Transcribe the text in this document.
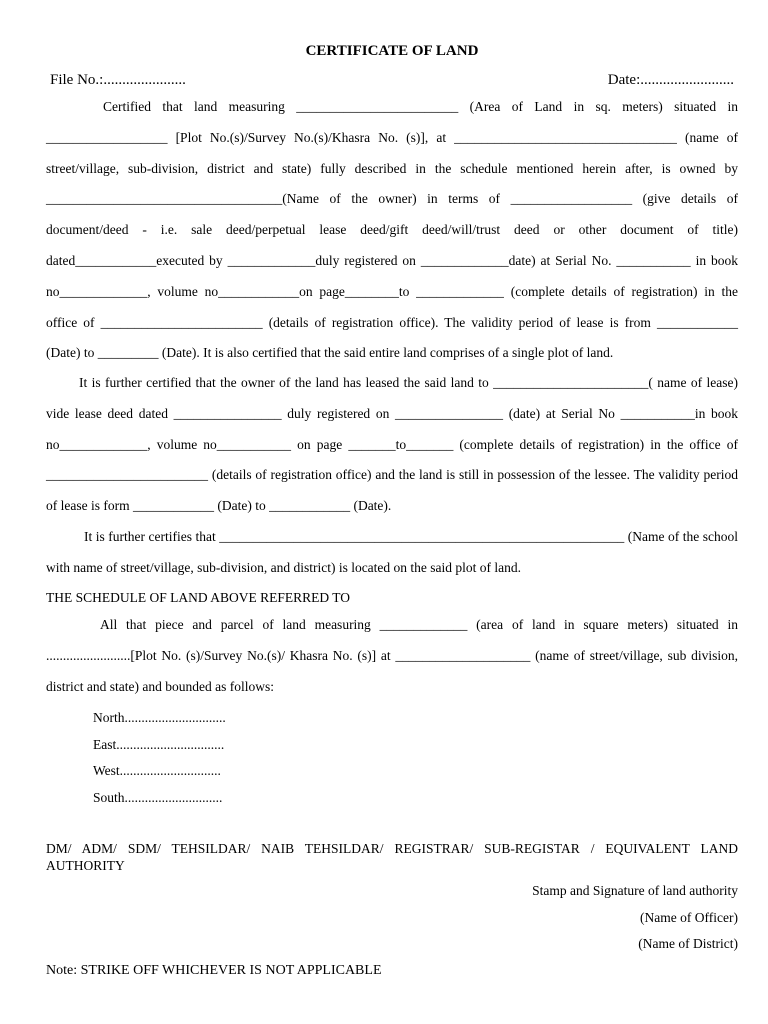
CERTIFICATE OF LAND
File No.:......................	Date:.........................
Certified that land measuring ________________________ (Area of Land in sq. meters) situated in __________________ [Plot No.(s)/Survey No.(s)/Khasra No. (s)], at _________________________________ (name of street/village, sub-division, district and state) fully described in the schedule mentioned herein after, is owned by ___________________________________(Name of the owner) in terms of __________________ (give details of document/deed - i.e. sale deed/perpetual lease deed/gift deed/will/trust deed or other document of title) dated____________executed by _____________duly registered on _____________date) at Serial No. ___________ in book no_____________, volume no____________on page________to _____________ (complete details of registration) in the office of ________________________ (details of registration office). The validity period of lease is from ____________ (Date) to _________ (Date). It is also certified that the said entire land comprises of a single plot of land.
It is further certified that the owner of the land has leased the said land to _______________________( name of lease) vide lease deed dated ________________ duly registered on ________________ (date) at Serial No ___________in book no_____________, volume no___________ on page _______to_______ (complete details of registration) in the office of ________________________ (details of registration office) and the land is still in possession of the lessee. The validity period of lease is form ____________ (Date) to ____________ (Date).
It is further certifies that ____________________________________________________________ (Name of the school with name of street/village, sub-division, and district) is located on the said plot of land.
THE SCHEDULE OF LAND ABOVE REFERRED TO
All that piece and parcel of land measuring _____________ (area of land in square meters) situated in .........................[Plot No. (s)/Survey No.(s)/ Khasra No. (s)] at ____________________ (name of street/village, sub division, district and state) and bounded as follows:
North..............................
East................................
West..............................
South.............................
DM/ ADM/ SDM/ TEHSILDAR/ NAIB TEHSILDAR/ REGISTRAR/ SUB-REGISTAR / EQUIVALENT LAND AUTHORITY
Stamp and Signature of land authority
(Name of Officer)
(Name of District)
Note: STRIKE OFF WHICHEVER IS NOT APPLICABLE
